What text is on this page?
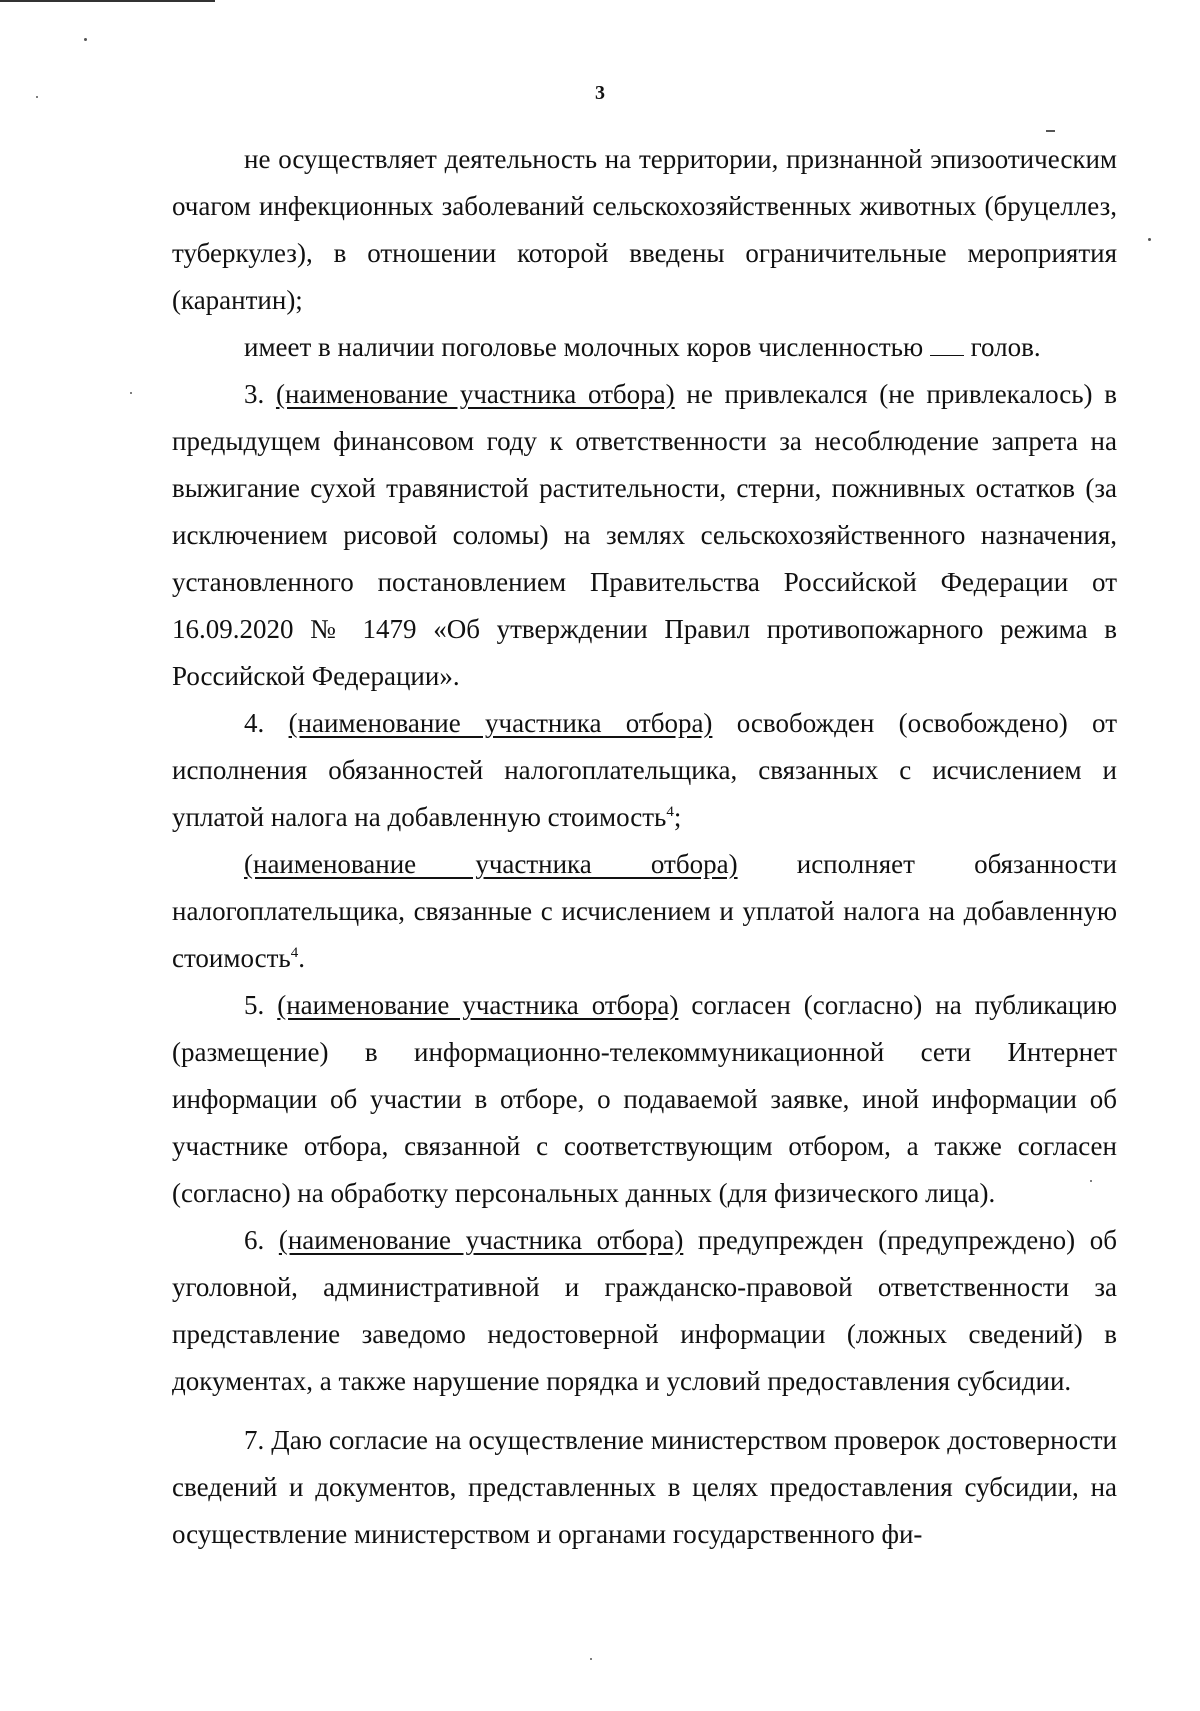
3

не осуществляет деятельность на территории, признанной эпизоотическим очагом инфекционных заболеваний сельскохозяйственных животных (бруцеллез, туберкулез), в отношении которой введены ограничительные мероприятия (карантин);

имеет в наличии поголовье молочных коров численностью голов.

3. (наименование участника отбора) не привлекался (не привлекалось) в предыдущем финансовом году к ответственности за несоблюдение запрета на выжигание сухой травянистой растительности, стерни, пожнивных остатков (за исключением рисовой соломы) на землях сельскохозяйственного назначения, установленного постановлением Правительства Российской Федерации от 16.09.2020 № 1479 «Об утверждении Правил противопожарного режима в Российской Федерации».

4. (наименование участника отбора) освобожден (освобождено) от исполнения обязанностей налогоплательщика, связанных с исчислением и уплатой налога на добавленную стоимость$^4$;

(наименование участника отбора) исполняет обязанности налогоплательщика, связанные с исчислением и уплатой налога на добавленную стоимость$^4$.

5. (наименование участника отбора) согласен (согласно) на публикацию (размещение) в информационно-телекоммуникационной сети Интернет информации об участии в отборе, о подаваемой заявке, иной информации об участнике отбора, связанной с соответствующим отбором, а также согласен (согласно) на обработку персональных данных (для физического лица).

6. (наименование участника отбора) предупрежден (предупреждено) об уголовной, административной и гражданско-правовой ответственности за представление заведомо недостоверной информации (ложных сведений) в документах, а также нарушение порядка и условий предоставления субсидии.

7. Даю согласие на осуществление министерством проверок достоверности сведений и документов, представленных в целях предоставления субсидии, на осуществление министерством и органами государственного фи-
